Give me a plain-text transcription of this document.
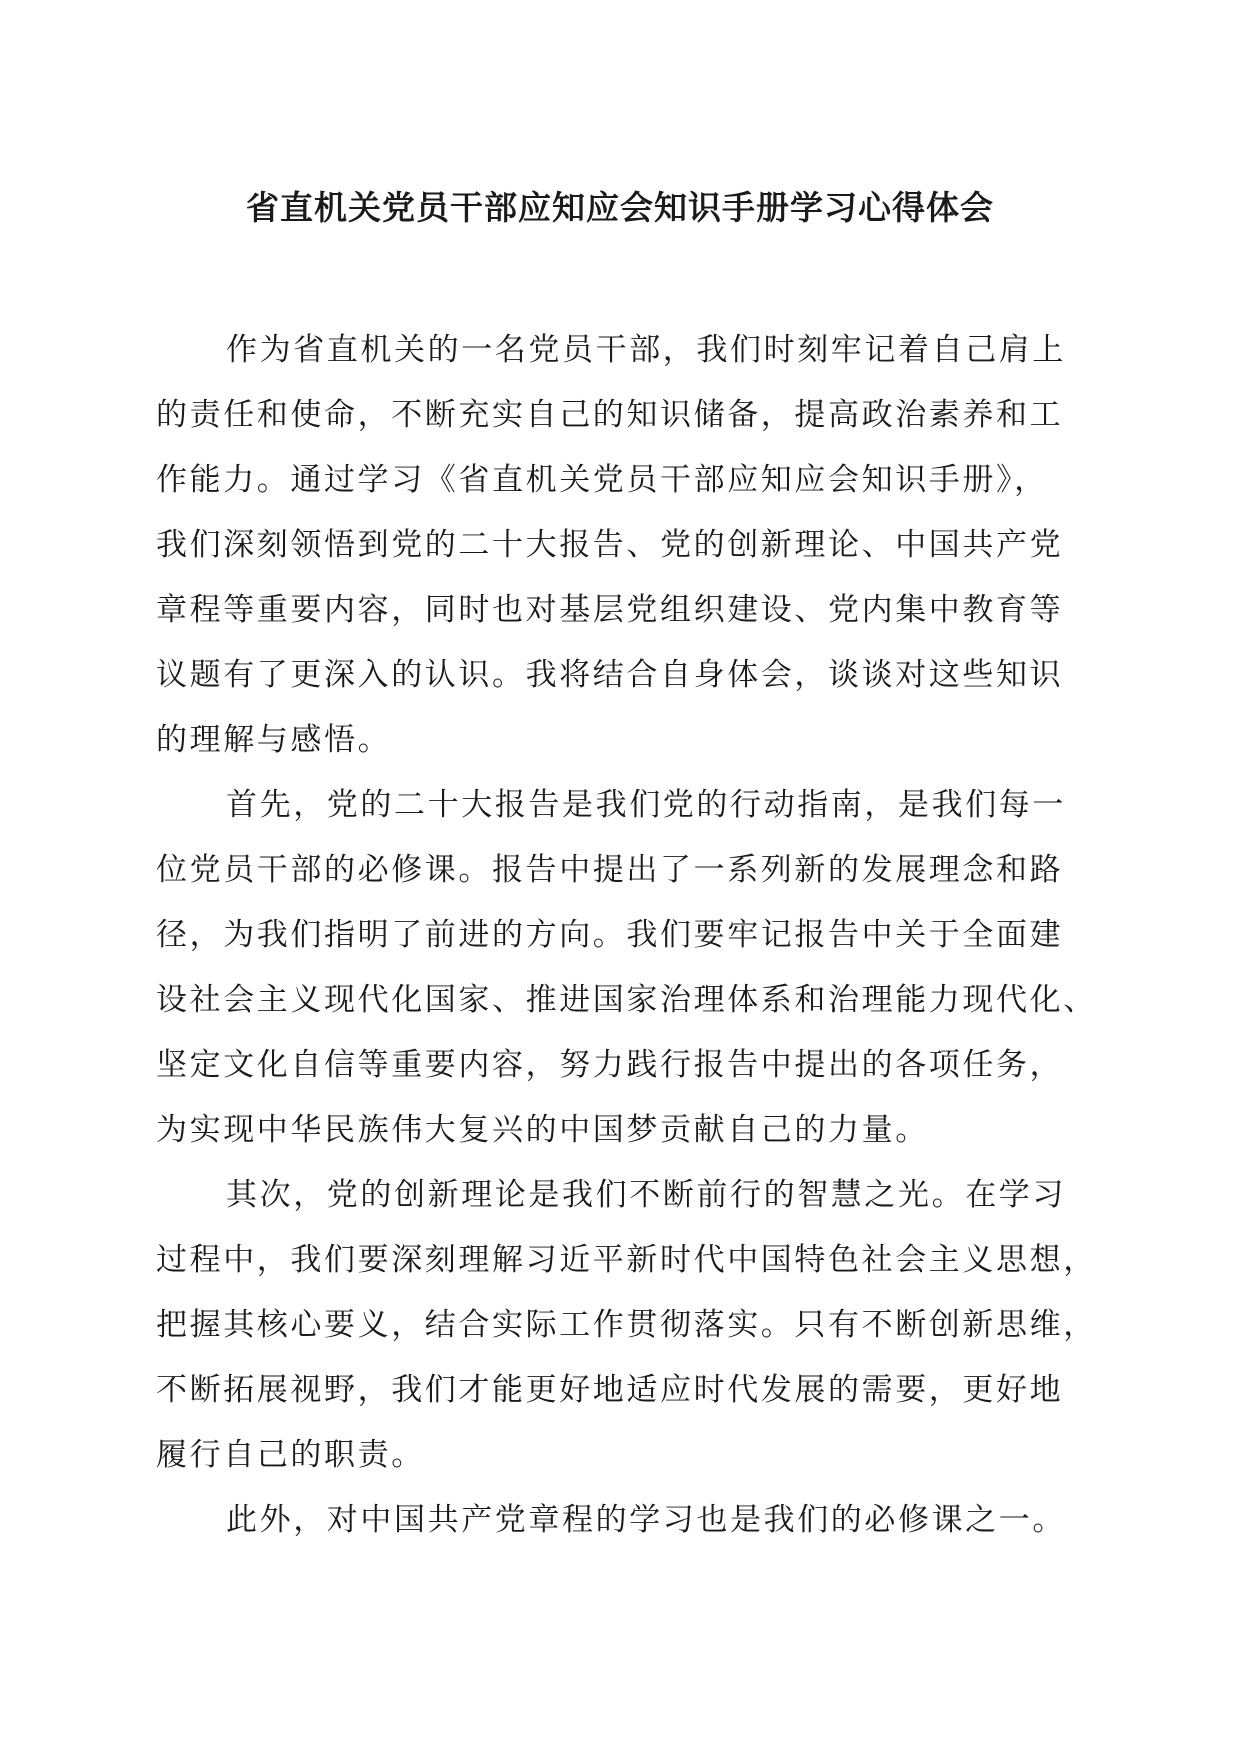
省直机关党员干部应知应会知识手册学习心得体会
作为省直机关的一名党员干部，我们时刻牢记着自己肩上
的责任和使命，不断充实自己的知识储备，提高政治素养和工
作能力。通过学习《省直机关党员干部应知应会知识手册》，
我们深刻领悟到党的二十大报告、党的创新理论、中国共产党
章程等重要内容，同时也对基层党组织建设、党内集中教育等
议题有了更深入的认识。我将结合自身体会，谈谈对这些知识
的理解与感悟。
首先，党的二十大报告是我们党的行动指南，是我们每一
位党员干部的必修课。报告中提出了一系列新的发展理念和路
径，为我们指明了前进的方向。我们要牢记报告中关于全面建
设社会主义现代化国家、推进国家治理体系和治理能力现代化、
坚定文化自信等重要内容，努力践行报告中提出的各项任务，
为实现中华民族伟大复兴的中国梦贡献自己的力量。
其次，党的创新理论是我们不断前行的智慧之光。在学习
过程中，我们要深刻理解习近平新时代中国特色社会主义思想，
把握其核心要义，结合实际工作贯彻落实。只有不断创新思维，
不断拓展视野，我们才能更好地适应时代发展的需要，更好地
履行自己的职责。
此外，对中国共产党章程的学习也是我们的必修课之一。
